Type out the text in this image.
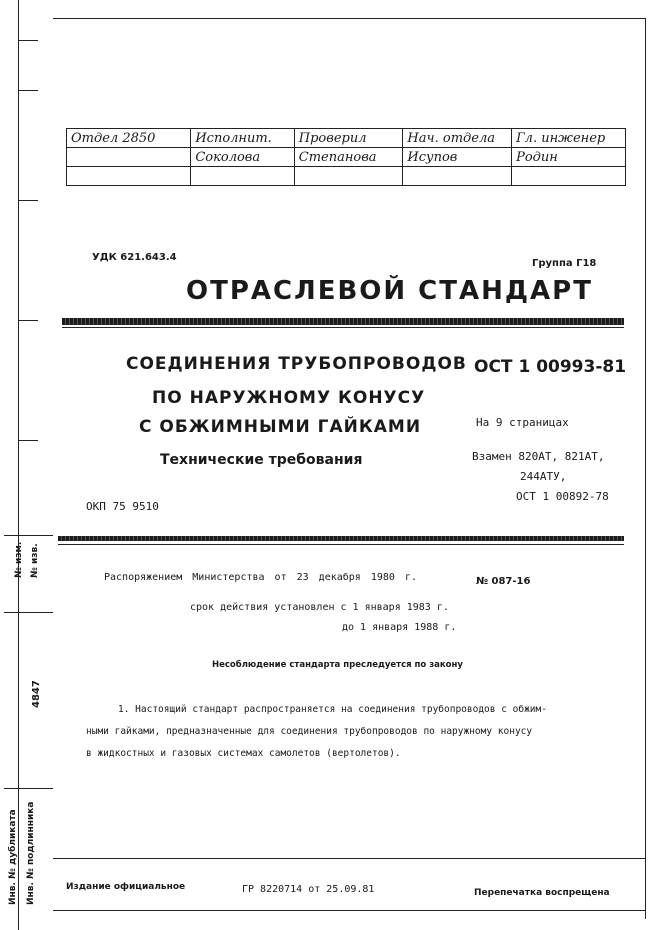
№ изм. № изв.
4847
Инв. № дубликата Инв. № подлинника
Отдел 2850	Исполнит.	Проверил	Нач. отдела	Гл. инженер
	Соколова	Степанова	Исупов	Родин

УДК 621.643.4
Группа Г18
ОТРАСЛЕВОЙ СТАНДАРТ
СОЕДИНЕНИЯ ТРУБОПРОВОДОВ
ПО НАРУЖНОМУ КОНУСУ
С ОБЖИМНЫМИ ГАЙКАМИ
Технические требования
ОСТ 1 00993-81
На 9 страницах
Взамен 820АТ, 821АТ,
244АТУ,
ОСТ 1 00892-78
ОКП 75 9510
Распоряжением Министерства от 23 декабря 1980 г.	№ 087-16
срок действия установлен с 1 января 1983 г.
до 1 января 1988 г.
Несоблюдение стандарта преследуется по закону
1. Настоящий стандарт распространяется на соединения трубопроводов с обжим-
ными гайками, предназначенные для соединения трубопроводов по наружному конусу
в жидкостных и газовых системах самолетов (вертолетов).
Издание официальное	ГР 8220714 от 25.09.81	Перепечатка воспрещена
